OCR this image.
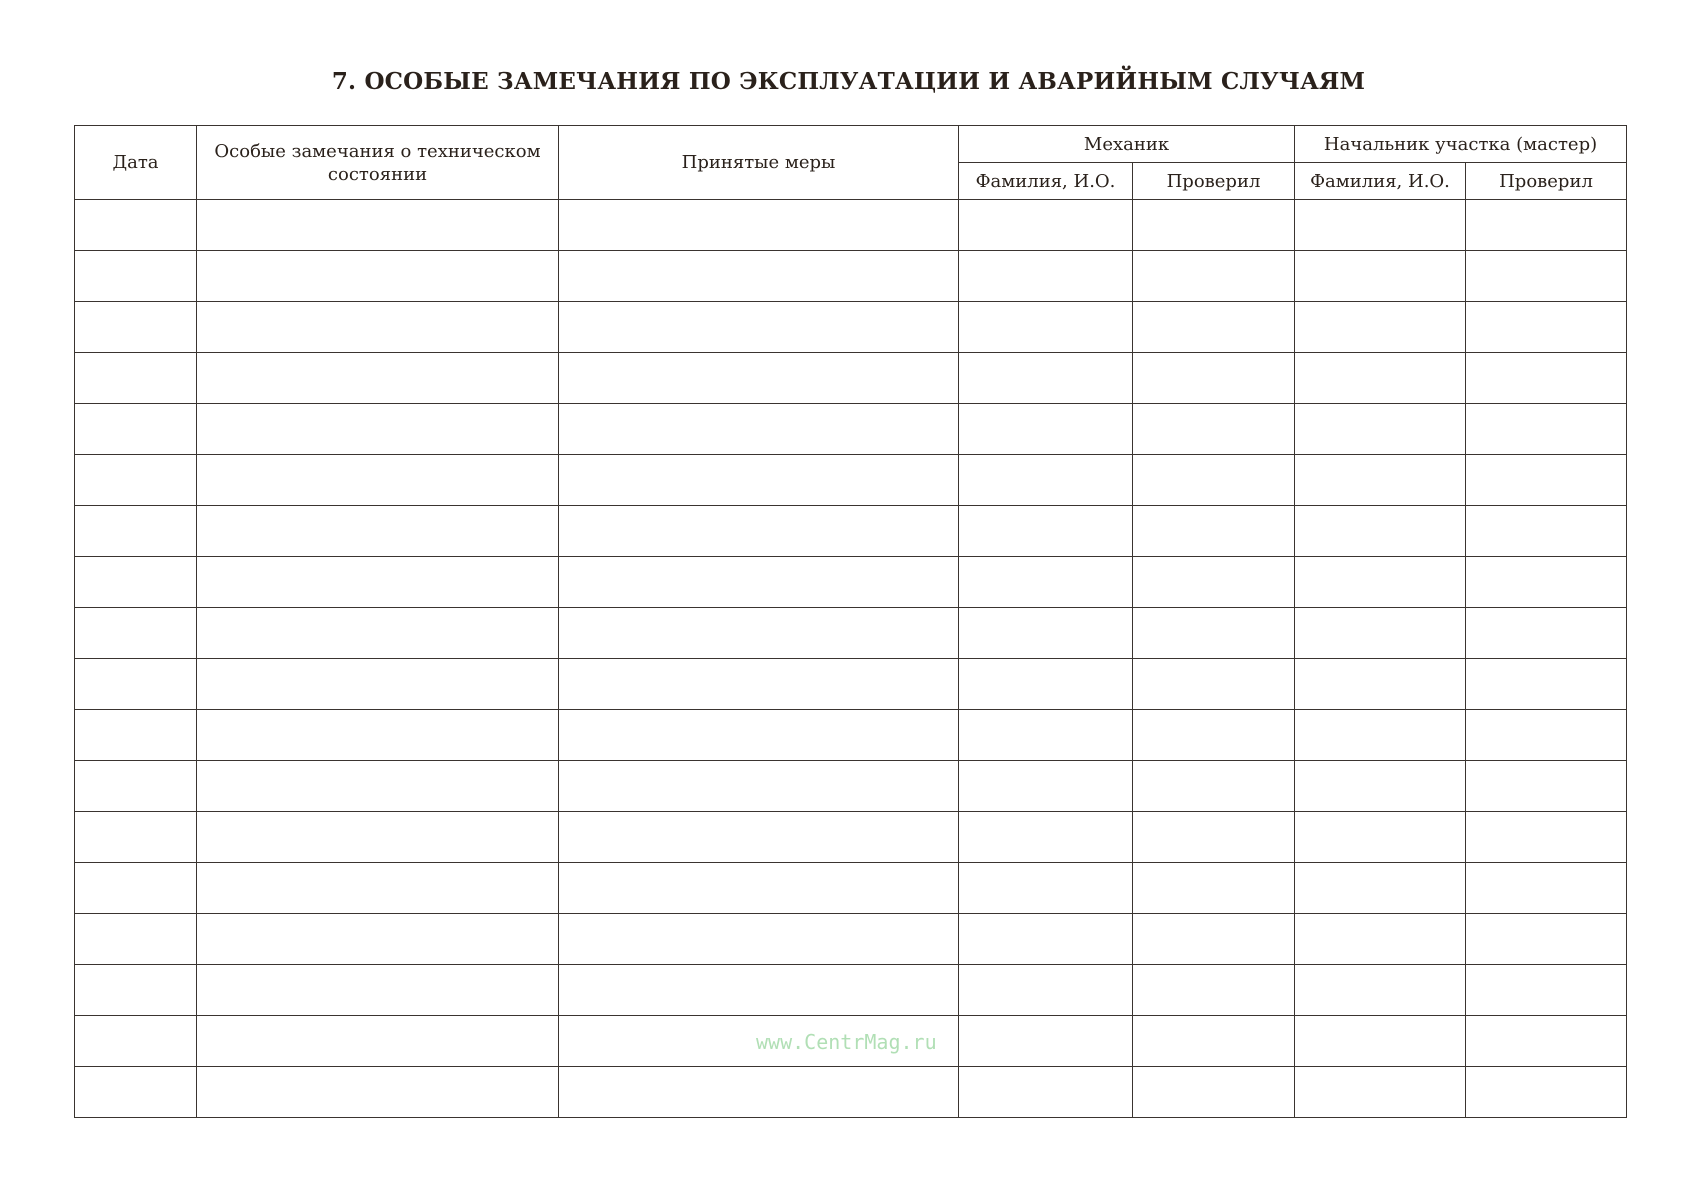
7. ОСОБЫЕ ЗАМЕЧАНИЯ ПО ЭКСПЛУАТАЦИИ И АВАРИЙНЫМ СЛУЧАЯМ
Дата	Особые замечания о техническом состоянии	Принятые меры	Механик		Начальник участка (мастер)	
			Фамилия, И.О.	Проверил	Фамилия, И.О.	Проверил

www.CentrMag.ru
